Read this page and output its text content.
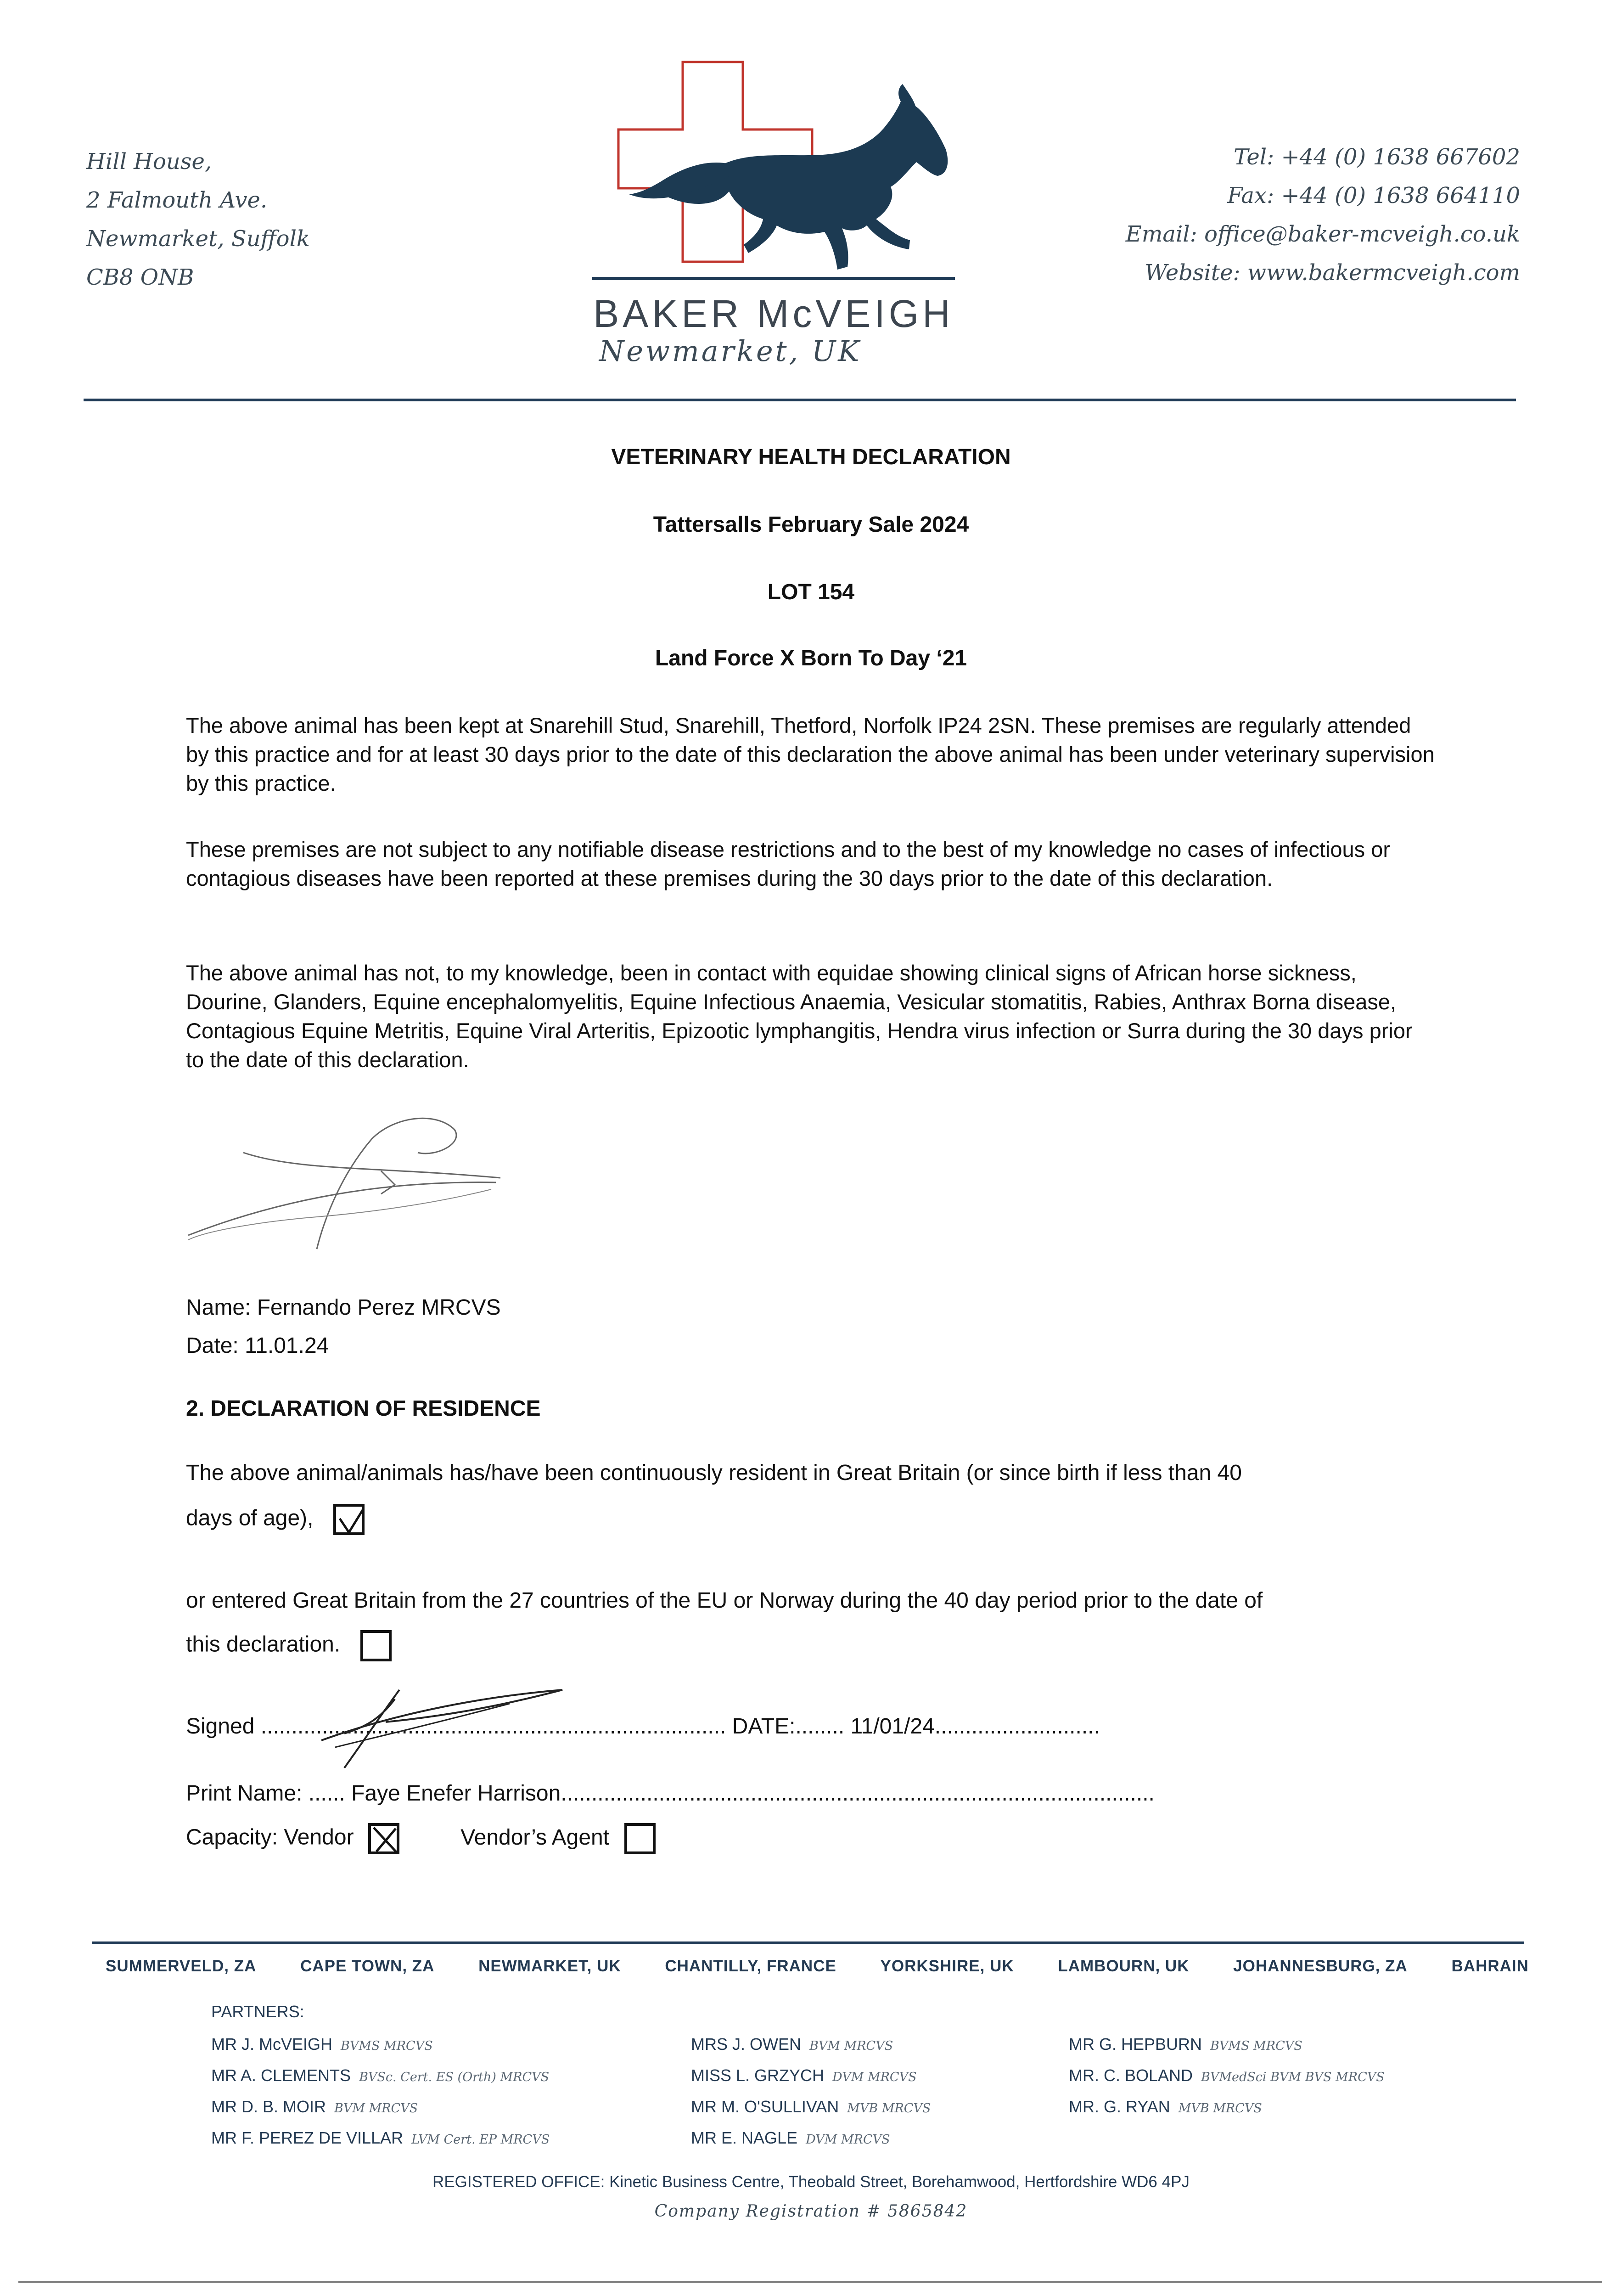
Hill House,
2 Falmouth Ave.
Newmarket, Suffolk
CB8 ONB
Tel: +44 (0) 1638 667602
Fax: +44 (0) 1638 664110
Email: office@baker-mcveigh.co.uk
Website: www.bakermcveigh.com
BAKER McVEIGH
Newmarket, UK
VETERINARY HEALTH DECLARATION
Tattersalls February Sale 2024
LOT 154
Land Force X Born To Day ‘21
The above animal has been kept at Snarehill Stud, Snarehill, Thetford, Norfolk IP24 2SN. These premises are regularly attended by this practice and for at least 30 days prior to the date of this declaration the above animal has been under veterinary supervision by this practice.
These premises are not subject to any notifiable disease restrictions and to the best of my knowledge no cases of infectious or contagious diseases have been reported at these premises during the 30 days prior to the date of this declaration.
The above animal has not, to my knowledge, been in contact with equidae showing clinical signs of African horse sickness, Dourine, Glanders, Equine encephalomyelitis, Equine Infectious Anaemia, Vesicular stomatitis, Rabies, Anthrax Borna disease, Contagious Equine Metritis, Equine Viral Arteritis, Epizootic lymphangitis, Hendra virus infection or Surra during the 30 days prior to the date of this declaration.
Name: Fernando Perez MRCVS
Date: 11.01.24
2. DECLARATION OF RESIDENCE
The above animal/animals has/have been continuously resident in Great Britain (or since birth if less than 40
days of age),
or entered Great Britain from the 27 countries of the EU or Norway during the 40 day period prior to the date of
this declaration.
Signed ............................................................................ DATE:........ 11/01/24...........................
Print Name: ...... Faye Enefer Harrison.................................................................................................
Capacity: Vendor	Vendor’s Agent
SUMMERVELD, ZA	CAPE TOWN, ZA	NEWMARKET, UK	CHANTILLY, FRANCE	YORKSHIRE, UK	LAMBOURN, UK	JOHANNESBURG, ZA	BAHRAIN
PARTNERS:
MR J. McVEIGH BVMS MRCVS
MR A. CLEMENTS BVSc. Cert. ES (Orth) MRCVS
MR D. B. MOIR BVM MRCVS
MR F. PEREZ DE VILLAR LVM Cert. EP MRCVS
MRS J. OWEN BVM MRCVS
MISS L. GRZYCH DVM MRCVS
MR M. O'SULLIVAN MVB MRCVS
MR E. NAGLE DVM MRCVS
MR G. HEPBURN BVMS MRCVS
MR. C. BOLAND BVMedSci BVM BVS MRCVS
MR. G. RYAN MVB MRCVS
REGISTERED OFFICE: Kinetic Business Centre, Theobald Street, Borehamwood, Hertfordshire WD6 4PJ
Company Registration # 5865842
